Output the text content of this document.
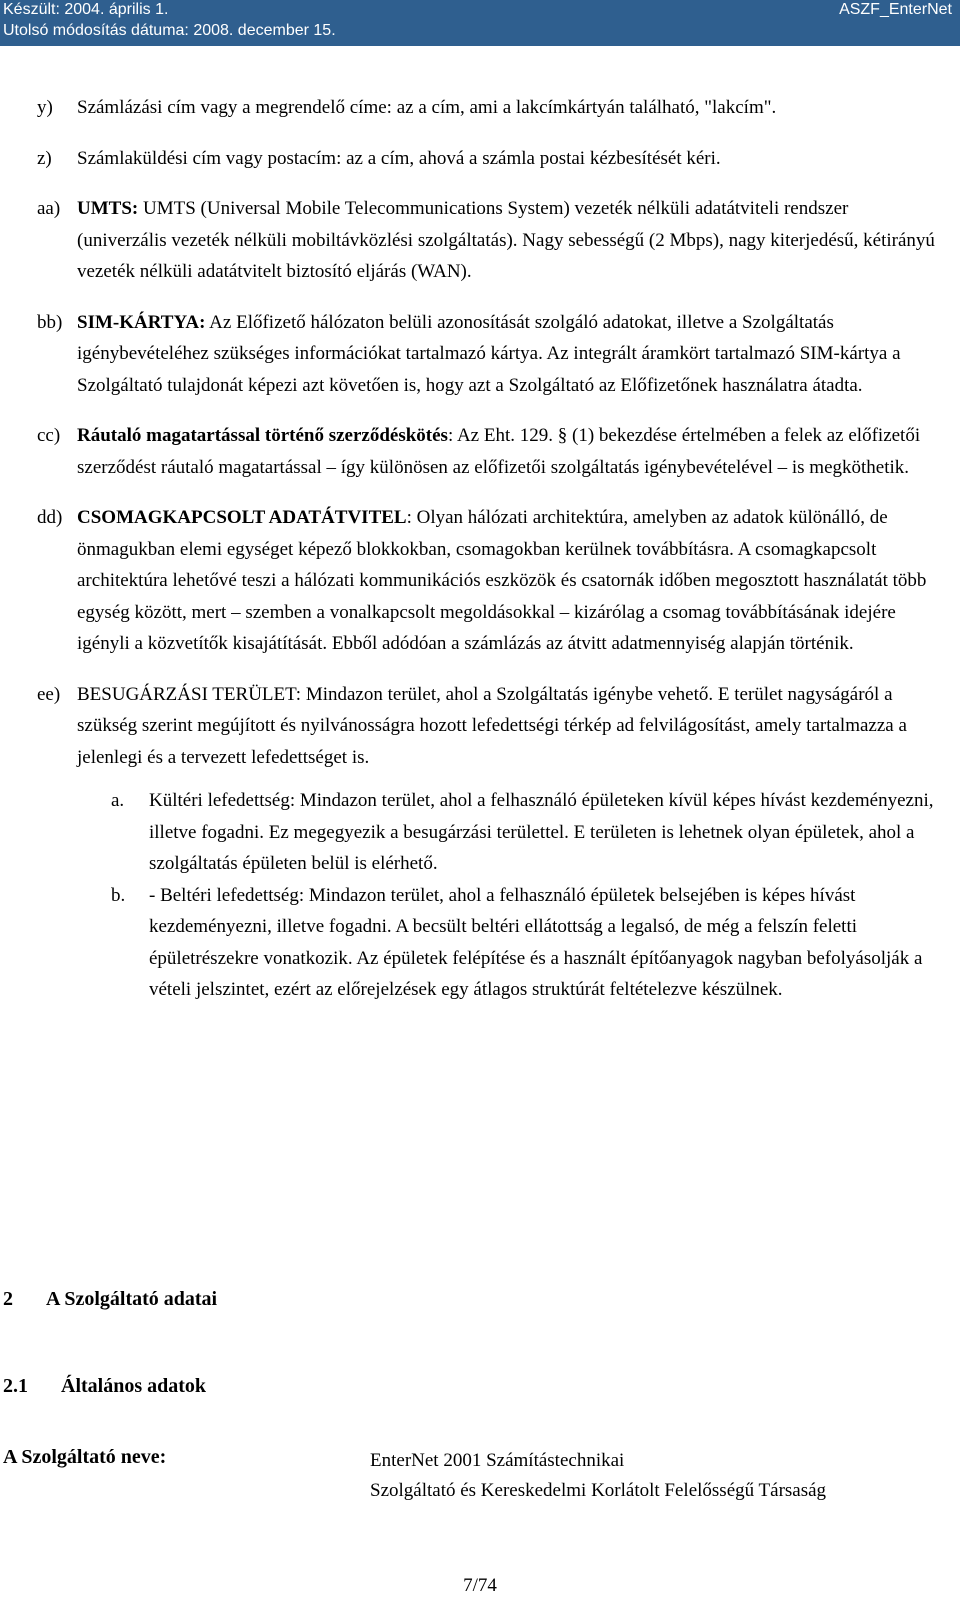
Készült: 2004. április 1.
Utolsó módosítás dátuma: 2008. december 15.
ASZF_EnterNet
y) Számlázási cím vagy a megrendelő címe: az a cím, ami a lakcímkártyán található, "lakcím".
z) Számlaküldési cím vagy postacím: az a cím, ahová a számla postai kézbesítését kéri.
aa) UMTS: UMTS (Universal Mobile Telecommunications System) vezeték nélküli adatátviteli rendszer (univerzális vezeték nélküli mobiltávközlési szolgáltatás). Nagy sebességű (2 Mbps), nagy kiterjedésű, kétirányú vezeték nélküli adatátvitelt biztosító eljárás (WAN).
bb) SIM-KÁRTYA: Az Előfizető hálózaton belüli azonosítását szolgáló adatokat, illetve a Szolgáltatás igénybevételéhez szükséges információkat tartalmazó kártya. Az integrált áramkört tartalmazó SIM-kártya a Szolgáltató tulajdonát képezi azt követően is, hogy azt a Szolgáltató az Előfizetőnek használatra átadta.
cc) Ráutaló magatartással történő szerződéskötés: Az Eht. 129. § (1) bekezdése értelmében a felek az előfizetői szerződést ráutaló magatartással – így különösen az előfizetői szolgáltatás igénybevételével – is megköthetik.
dd) CSOMAGKAPCSOLT ADATÁTVITEL: Olyan hálózati architektúra, amelyben az adatok különálló, de önmagukban elemi egységet képező blokkokban, csomagokban kerülnek továbbításra. A csomagkapcsolt architektúra lehetővé teszi a hálózati kommunikációs eszközök és csatornák időben megosztott használatát több egység között, mert – szemben a vonalkapcsolt megoldásokkal – kizárólag a csomag továbbításának idejére igényli a közvetítők kisajátítását. Ebből adódóan a számlázás az átvitt adatmennyiség alapján történik.
ee) BESUGÁRZÁSI TERÜLET: Mindazon terület, ahol a Szolgáltatás igénybe vehető. E terület nagyságáról a szükség szerint megújított és nyilvánosságra hozott lefedettségi térkép ad felvilágosítást, amely tartalmazza a jelenlegi és a tervezett lefedettséget is.
a. Kültéri lefedettség: Mindazon terület, ahol a felhasználó épületeken kívül képes hívást kezdeményezni, illetve fogadni. Ez megegyezik a besugárzási területtel. E területen is lehetnek olyan épületek, ahol a szolgáltatás épületen belül is elérhető.
b. - Beltéri lefedettség: Mindazon terület, ahol a felhasználó épületek belsejében is képes hívást kezdeményezni, illetve fogadni. A becsült beltéri ellátottság a legalsó, de még a felszín feletti épületrészekre vonatkozik. Az épületek felépítése és a használt építőanyagok nagyban befolyásolják a vételi jelszintet, ezért az előrejelzések egy átlagos struktúrát feltételezve készülnek.
2 A Szolgáltató adatai
2.1 Általános adatok
A Szolgáltató neve:	EnterNet 2001 Számítástechnikai
Szolgáltató és Kereskedelmi Korlátolt Felelősségű Társaság
7/74
